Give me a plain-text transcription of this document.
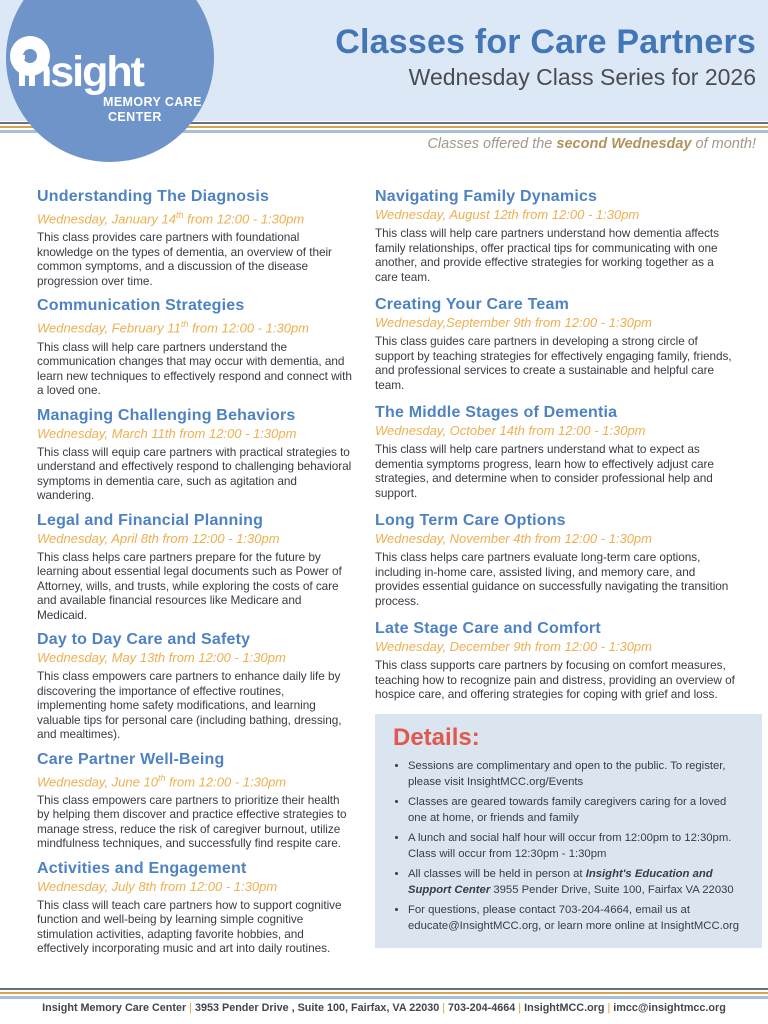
Classes for Care Partners
Wednesday Class Series for 2026
insight
MEMORY CARE
CENTER
Classes offered the second Wednesday of month!
Understanding The Diagnosis
Wednesday, January 14th from 12:00 - 1:30pm
This class provides care partners with foundational knowledge on the types of dementia, an overview of their common symptoms, and a discussion of the disease progression over time.
Communication Strategies
Wednesday, February 11th from 12:00 - 1:30pm
This class will help care partners understand the communication changes that may occur with dementia, and learn new techniques to effectively respond and connect with a loved one.
Managing Challenging Behaviors
Wednesday, March 11th from 12:00 - 1:30pm
This class will equip care partners with practical strategies to understand and effectively respond to challenging behavioral symptoms in dementia care, such as agitation and wandering.
Legal and Financial Planning
Wednesday, April 8th from 12:00 - 1:30pm
This class helps care partners prepare for the future by learning about essential legal documents such as Power of Attorney, wills, and trusts, while exploring the costs of care and available financial resources like Medicare and Medicaid.
Day to Day Care and Safety
Wednesday, May 13th from 12:00 - 1:30pm
This class empowers care partners to enhance daily life by discovering the importance of effective routines, implementing home safety modifications, and learning valuable tips for personal care (including bathing, dressing, and mealtimes).
Care Partner Well-Being
Wednesday, June 10th from 12:00 - 1:30pm
This class empowers care partners to prioritize their health by helping them discover and practice effective strategies to manage stress, reduce the risk of caregiver burnout, utilize mindfulness techniques, and successfully find respite care.
Activities and Engagement
Wednesday, July 8th from 12:00 - 1:30pm
This class will teach care partners how to support cognitive function and well-being by learning simple cognitive stimulation activities, adapting favorite hobbies, and effectively incorporating music and art into daily routines.
Navigating Family Dynamics
Wednesday, August 12th from 12:00 - 1:30pm
This class will help care partners understand how dementia affects family relationships, offer practical tips for communicating with one another, and provide effective strategies for working together as a care team.
Creating Your Care Team
Wednesday,September 9th from 12:00 - 1:30pm
This class guides care partners in developing a strong circle of support by teaching strategies for effectively engaging family, friends, and professional services to create a sustainable and helpful care team.
The Middle Stages of Dementia
Wednesday, October 14th from 12:00 - 1:30pm
This class will help care partners understand what to expect as dementia symptoms progress, learn how to effectively adjust care strategies, and determine when to consider professional help and support.
Long Term Care Options
Wednesday, November 4th from 12:00 - 1:30pm
This class helps care partners evaluate long-term care options, including in-home care, assisted living, and memory care, and provides essential guidance on successfully navigating the transition process.
Late Stage Care and Comfort
Wednesday, December 9th from 12:00 - 1:30pm
This class supports care partners by focusing on comfort measures, teaching how to recognize pain and distress, providing an overview of hospice care, and offering strategies for coping with grief and loss.
Details:
• Sessions are complimentary and open to the public. To register, please visit InsightMCC.org/Events
• Classes are geared towards family caregivers caring for a loved one at home, or friends and family
• A lunch and social half hour will occur from 12:00pm to 12:30pm. Class will occur from 12:30pm - 1:30pm
• All classes will be held in person at Insight's Education and Support Center 3955 Pender Drive, Suite 100, Fairfax VA 22030
• For questions, please contact 703-204-4664, email us at educate@InsightMCC.org, or learn more online at InsightMCC.org
Insight Memory Care Center | 3953 Pender Drive , Suite 100, Fairfax, VA 22030 | 703-204-4664 | InsightMCC.org | imcc@insightmcc.org
